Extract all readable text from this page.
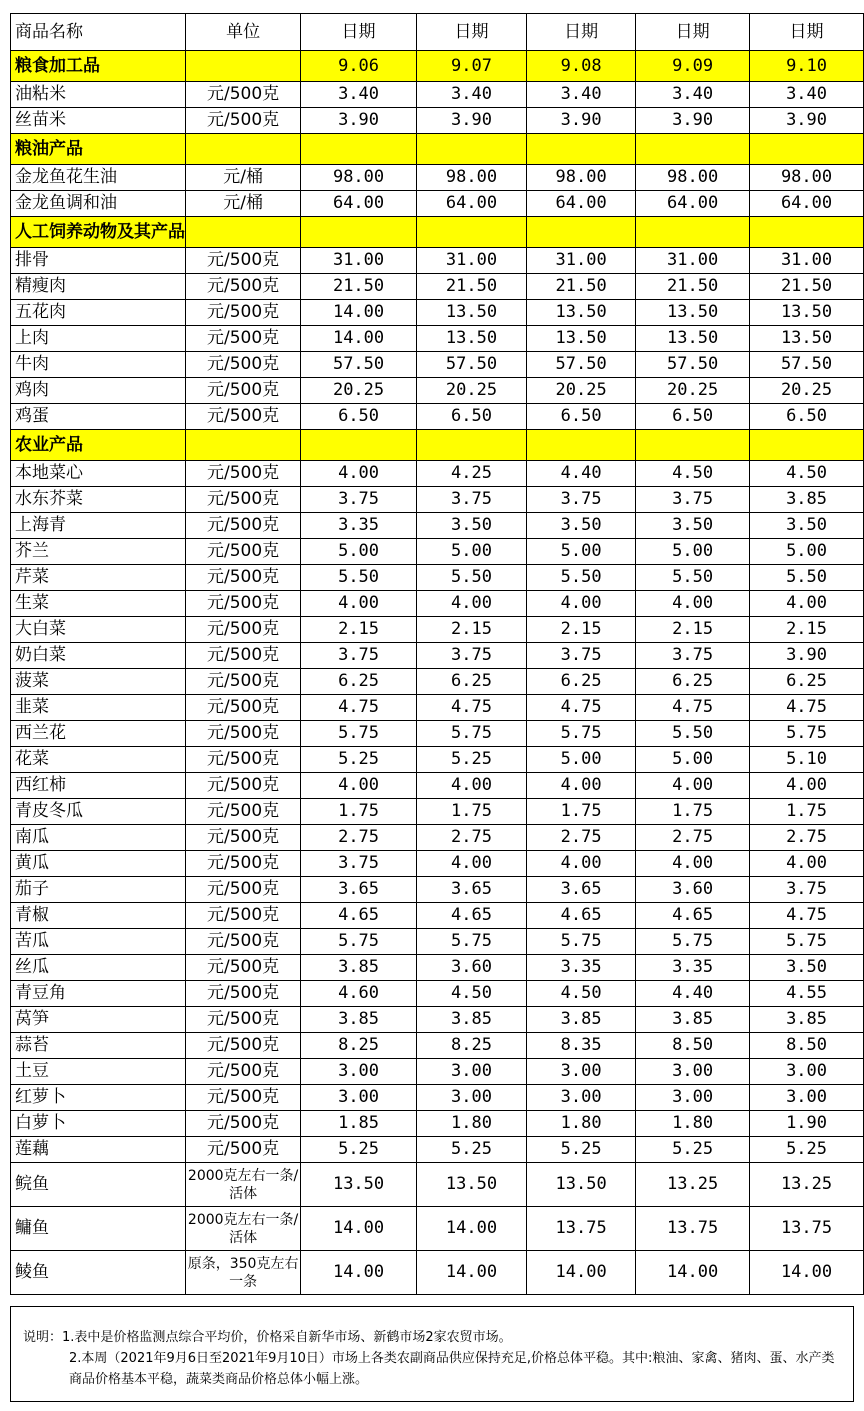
商品名称	单位	日期	日期	日期	日期	日期
粮食加工品		9.06	9.07	9.08	9.09	9.10
油粘米	元/500克	3.40	3.40	3.40	3.40	3.40
丝苗米	元/500克	3.90	3.90	3.90	3.90	3.90
粮油产品						
金龙鱼花生油	元/桶	98.00	98.00	98.00	98.00	98.00
金龙鱼调和油	元/桶	64.00	64.00	64.00	64.00	64.00
人工饲养动物及其产品						
排骨	元/500克	31.00	31.00	31.00	31.00	31.00
精瘦肉	元/500克	21.50	21.50	21.50	21.50	21.50
五花肉	元/500克	14.00	13.50	13.50	13.50	13.50
上肉	元/500克	14.00	13.50	13.50	13.50	13.50
牛肉	元/500克	57.50	57.50	57.50	57.50	57.50
鸡肉	元/500克	20.25	20.25	20.25	20.25	20.25
鸡蛋	元/500克	6.50	6.50	6.50	6.50	6.50
农业产品						
本地菜心	元/500克	4.00	4.25	4.40	4.50	4.50
水东芥菜	元/500克	3.75	3.75	3.75	3.75	3.85
上海青	元/500克	3.35	3.50	3.50	3.50	3.50
芥兰	元/500克	5.00	5.00	5.00	5.00	5.00
芹菜	元/500克	5.50	5.50	5.50	5.50	5.50
生菜	元/500克	4.00	4.00	4.00	4.00	4.00
大白菜	元/500克	2.15	2.15	2.15	2.15	2.15
奶白菜	元/500克	3.75	3.75	3.75	3.75	3.90
菠菜	元/500克	6.25	6.25	6.25	6.25	6.25
韭菜	元/500克	4.75	4.75	4.75	4.75	4.75
西兰花	元/500克	5.75	5.75	5.75	5.50	5.75
花菜	元/500克	5.25	5.25	5.00	5.00	5.10
西红柿	元/500克	4.00	4.00	4.00	4.00	4.00
青皮冬瓜	元/500克	1.75	1.75	1.75	1.75	1.75
南瓜	元/500克	2.75	2.75	2.75	2.75	2.75
黄瓜	元/500克	3.75	4.00	4.00	4.00	4.00
茄子	元/500克	3.65	3.65	3.65	3.60	3.75
青椒	元/500克	4.65	4.65	4.65	4.65	4.75
苦瓜	元/500克	5.75	5.75	5.75	5.75	5.75
丝瓜	元/500克	3.85	3.60	3.35	3.35	3.50
青豆角	元/500克	4.60	4.50	4.50	4.40	4.55
莴笋	元/500克	3.85	3.85	3.85	3.85	3.85
蒜苔	元/500克	8.25	8.25	8.35	8.50	8.50
土豆	元/500克	3.00	3.00	3.00	3.00	3.00
红萝卜	元/500克	3.00	3.00	3.00	3.00	3.00
白萝卜	元/500克	1.85	1.80	1.80	1.80	1.90
莲藕	元/500克	5.25	5.25	5.25	5.25	5.25
鲩鱼	2000克左右一条/活体	13.50	13.50	13.50	13.25	13.25
鳙鱼	2000克左右一条/活体	14.00	14.00	13.75	13.75	13.75
鲮鱼	原条，350克左右一条	14.00	14.00	14.00	14.00	14.00
说明：1.表中是价格监测点综合平均价，价格采自新华市场、新鹤市场2家农贸市场。
2.本周（2021年9月6日至2021年9月10日）市场上各类农副商品供应保持充足,价格总体平稳。其中:粮油、家禽、猪肉、蛋、水产类商品价格基本平稳，蔬菜类商品价格总体小幅上涨。
